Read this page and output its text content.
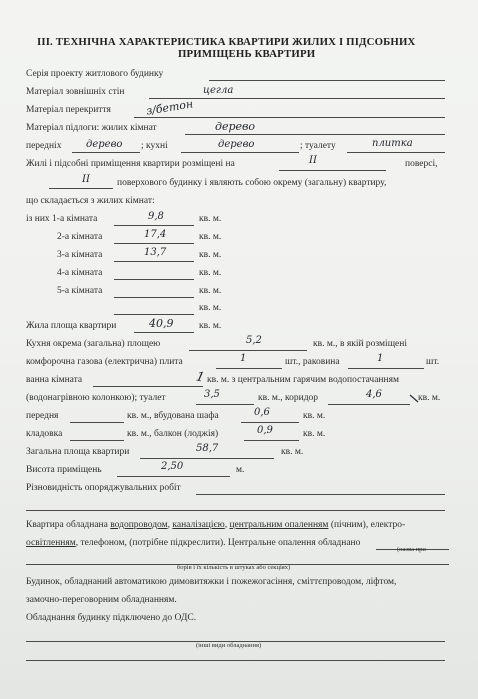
ІІІ. ТЕХНІЧНА ХАРАКТЕРИСТИКА КВАРТИРИ ЖИЛИХ І ПІДСОБНИХ
ПРИМІЩЕНЬ КВАРТИРИ
Серія проекту житлового будинку
Матеріал зовнішніх стін	цегла
Матеріал перекриття	з/бетон
Матеріал підлоги: жилих кімнат	дерево
передніх дерево ; кухні	дерево	; туалету	плитка
Жилі і підсобні приміщення квартири розміщені на	ІІ	поверсі,
ІІ	поверхового будинку і являють собою окрему (загальну) квартиру,
що складається з жилих кімнат:
із них 1-а кімната	9,8	кв. м.
2-а кімната	17,4	кв. м.
3-а кімната	13,7	кв. м.
4-а кімната	кв. м.
5-а кімната	кв. м.
кв. м.
Жила площа квартири	40,9	кв. м.
Кухня окрема (загальна) площею	5,2	кв. м., в якій розміщені
комфорочна газова (електрична) плита	1	шт., раковина	1	шт.
ванна кімната	1 кв. м. з центральним гарячим водопостачанням
(водонагрівною колонкою); туалет	3,5	кв. м., коридор	4,6	кв. м.
передня	кв. м., вбудована шафа	0,6	кв. м.
кладовка	кв. м., балкон (лоджія)	0,9	кв. м.
Загальна площа квартири	58,7	кв. м.
Висота приміщень	2,50	м.
Різновидність опоряджувальних робіт
Квартира обладнана водопроводом, каналізацією, центральним опаленням (пічним), електро-
освітленням, телефоном, (потрібне підкреслити). Центральне опалення обладнано
(назва при-
борів і їх кількість в штуках або секціях)
Будинок, обладнаний автоматикою димовитяжки і пожежогасіння, сміттєпроводом, ліфтом,
замочно-переговорним обладнанням.
Обладнання будинку підключено до ОДС.
(інші види обладнання)
